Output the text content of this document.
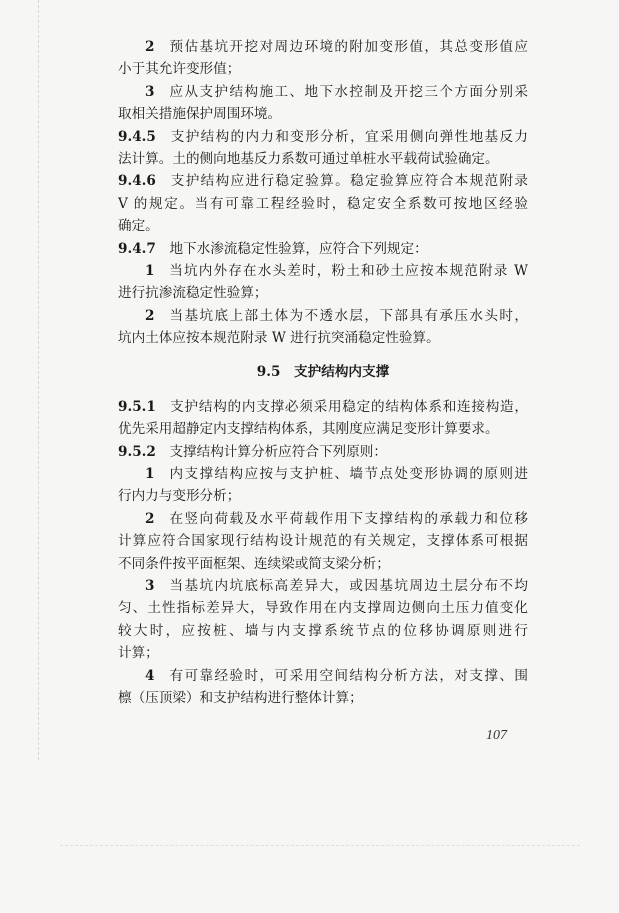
2  预估基坑开挖对周边环境的附加变形值，其总变形值应
小于其允许变形值；
3  应从支护结构施工、地下水控制及开挖三个方面分别采
取相关措施保护周围环境。
9.4.5  支护结构的内力和变形分析，宜采用侧向弹性地基反力
法计算。土的侧向地基反力系数可通过单桩水平载荷试验确定。
9.4.6  支护结构应进行稳定验算。稳定验算应符合本规范附录
V 的规定。当有可靠工程经验时，稳定安全系数可按地区经验
确定。
9.4.7  地下水渗流稳定性验算，应符合下列规定：
1  当坑内外存在水头差时，粉土和砂土应按本规范附录 W
进行抗渗流稳定性验算；
2  当基坑底上部土体为不透水层，下部具有承压水头时，
坑内土体应按本规范附录 W 进行抗突涌稳定性验算。
9.5　支护结构内支撑
9.5.1  支护结构的内支撑必须采用稳定的结构体系和连接构造，
优先采用超静定内支撑结构体系，其刚度应满足变形计算要求。
9.5.2  支撑结构计算分析应符合下列原则：
1  内支撑结构应按与支护桩、墙节点处变形协调的原则进
行内力与变形分析；
2  在竖向荷载及水平荷载作用下支撑结构的承载力和位移
计算应符合国家现行结构设计规范的有关规定，支撑体系可根据
不同条件按平面框架、连续梁或简支梁分析；
3  当基坑内坑底标高差异大，或因基坑周边土层分布不均
匀、土性指标差异大，导致作用在内支撑周边侧向土压力值变化
较大时，应按桩、墙与内支撑系统节点的位移协调原则进行
计算；
4  有可靠经验时，可采用空间结构分析方法，对支撑、围
檩（压顶梁）和支护结构进行整体计算；
107
